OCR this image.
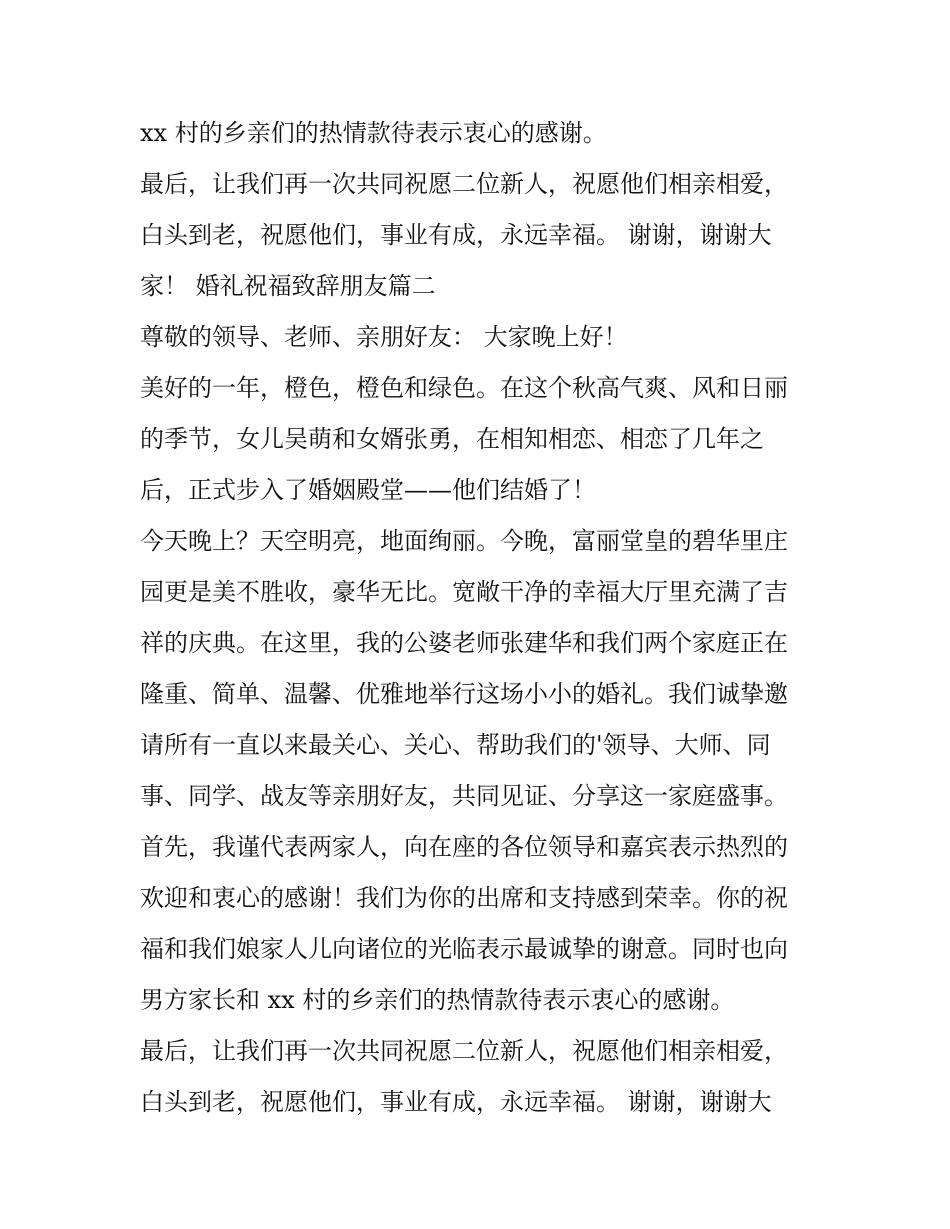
xx 村的乡亲们的热情款待表示衷心的感谢。
最后，让我们再一次共同祝愿二位新人，祝愿他们相亲相爱，
白头到老，祝愿他们，事业有成，永远幸福。 谢谢，谢谢大
家！ 婚礼祝福致辞朋友篇二
尊敬的领导、老师、亲朋好友： 大家晚上好！
美好的一年，橙色，橙色和绿色。在这个秋高气爽、风和日丽
的季节，女儿吴萌和女婿张勇，在相知相恋、相恋了几年之
后，正式步入了婚姻殿堂——他们结婚了！
今天晚上？天空明亮，地面绚丽。今晚，富丽堂皇的碧华里庄
园更是美不胜收，豪华无比。宽敞干净的幸福大厅里充满了吉
祥的庆典。在这里，我的公婆老师张建华和我们两个家庭正在
隆重、简单、温馨、优雅地举行这场小小的婚礼。我们诚挚邀
请所有一直以来最关心、关心、帮助我们的'领导、大师、同
事、同学、战友等亲朋好友，共同见证、分享这一家庭盛事。
首先，我谨代表两家人，向在座的各位领导和嘉宾表示热烈的
欢迎和衷心的感谢！我们为你的出席和支持感到荣幸。你的祝
福和我们娘家人儿向诸位的光临表示最诚挚的谢意。同时也向
男方家长和 xx 村的乡亲们的热情款待表示衷心的感谢。
最后，让我们再一次共同祝愿二位新人，祝愿他们相亲相爱，
白头到老，祝愿他们，事业有成，永远幸福。 谢谢，谢谢大
